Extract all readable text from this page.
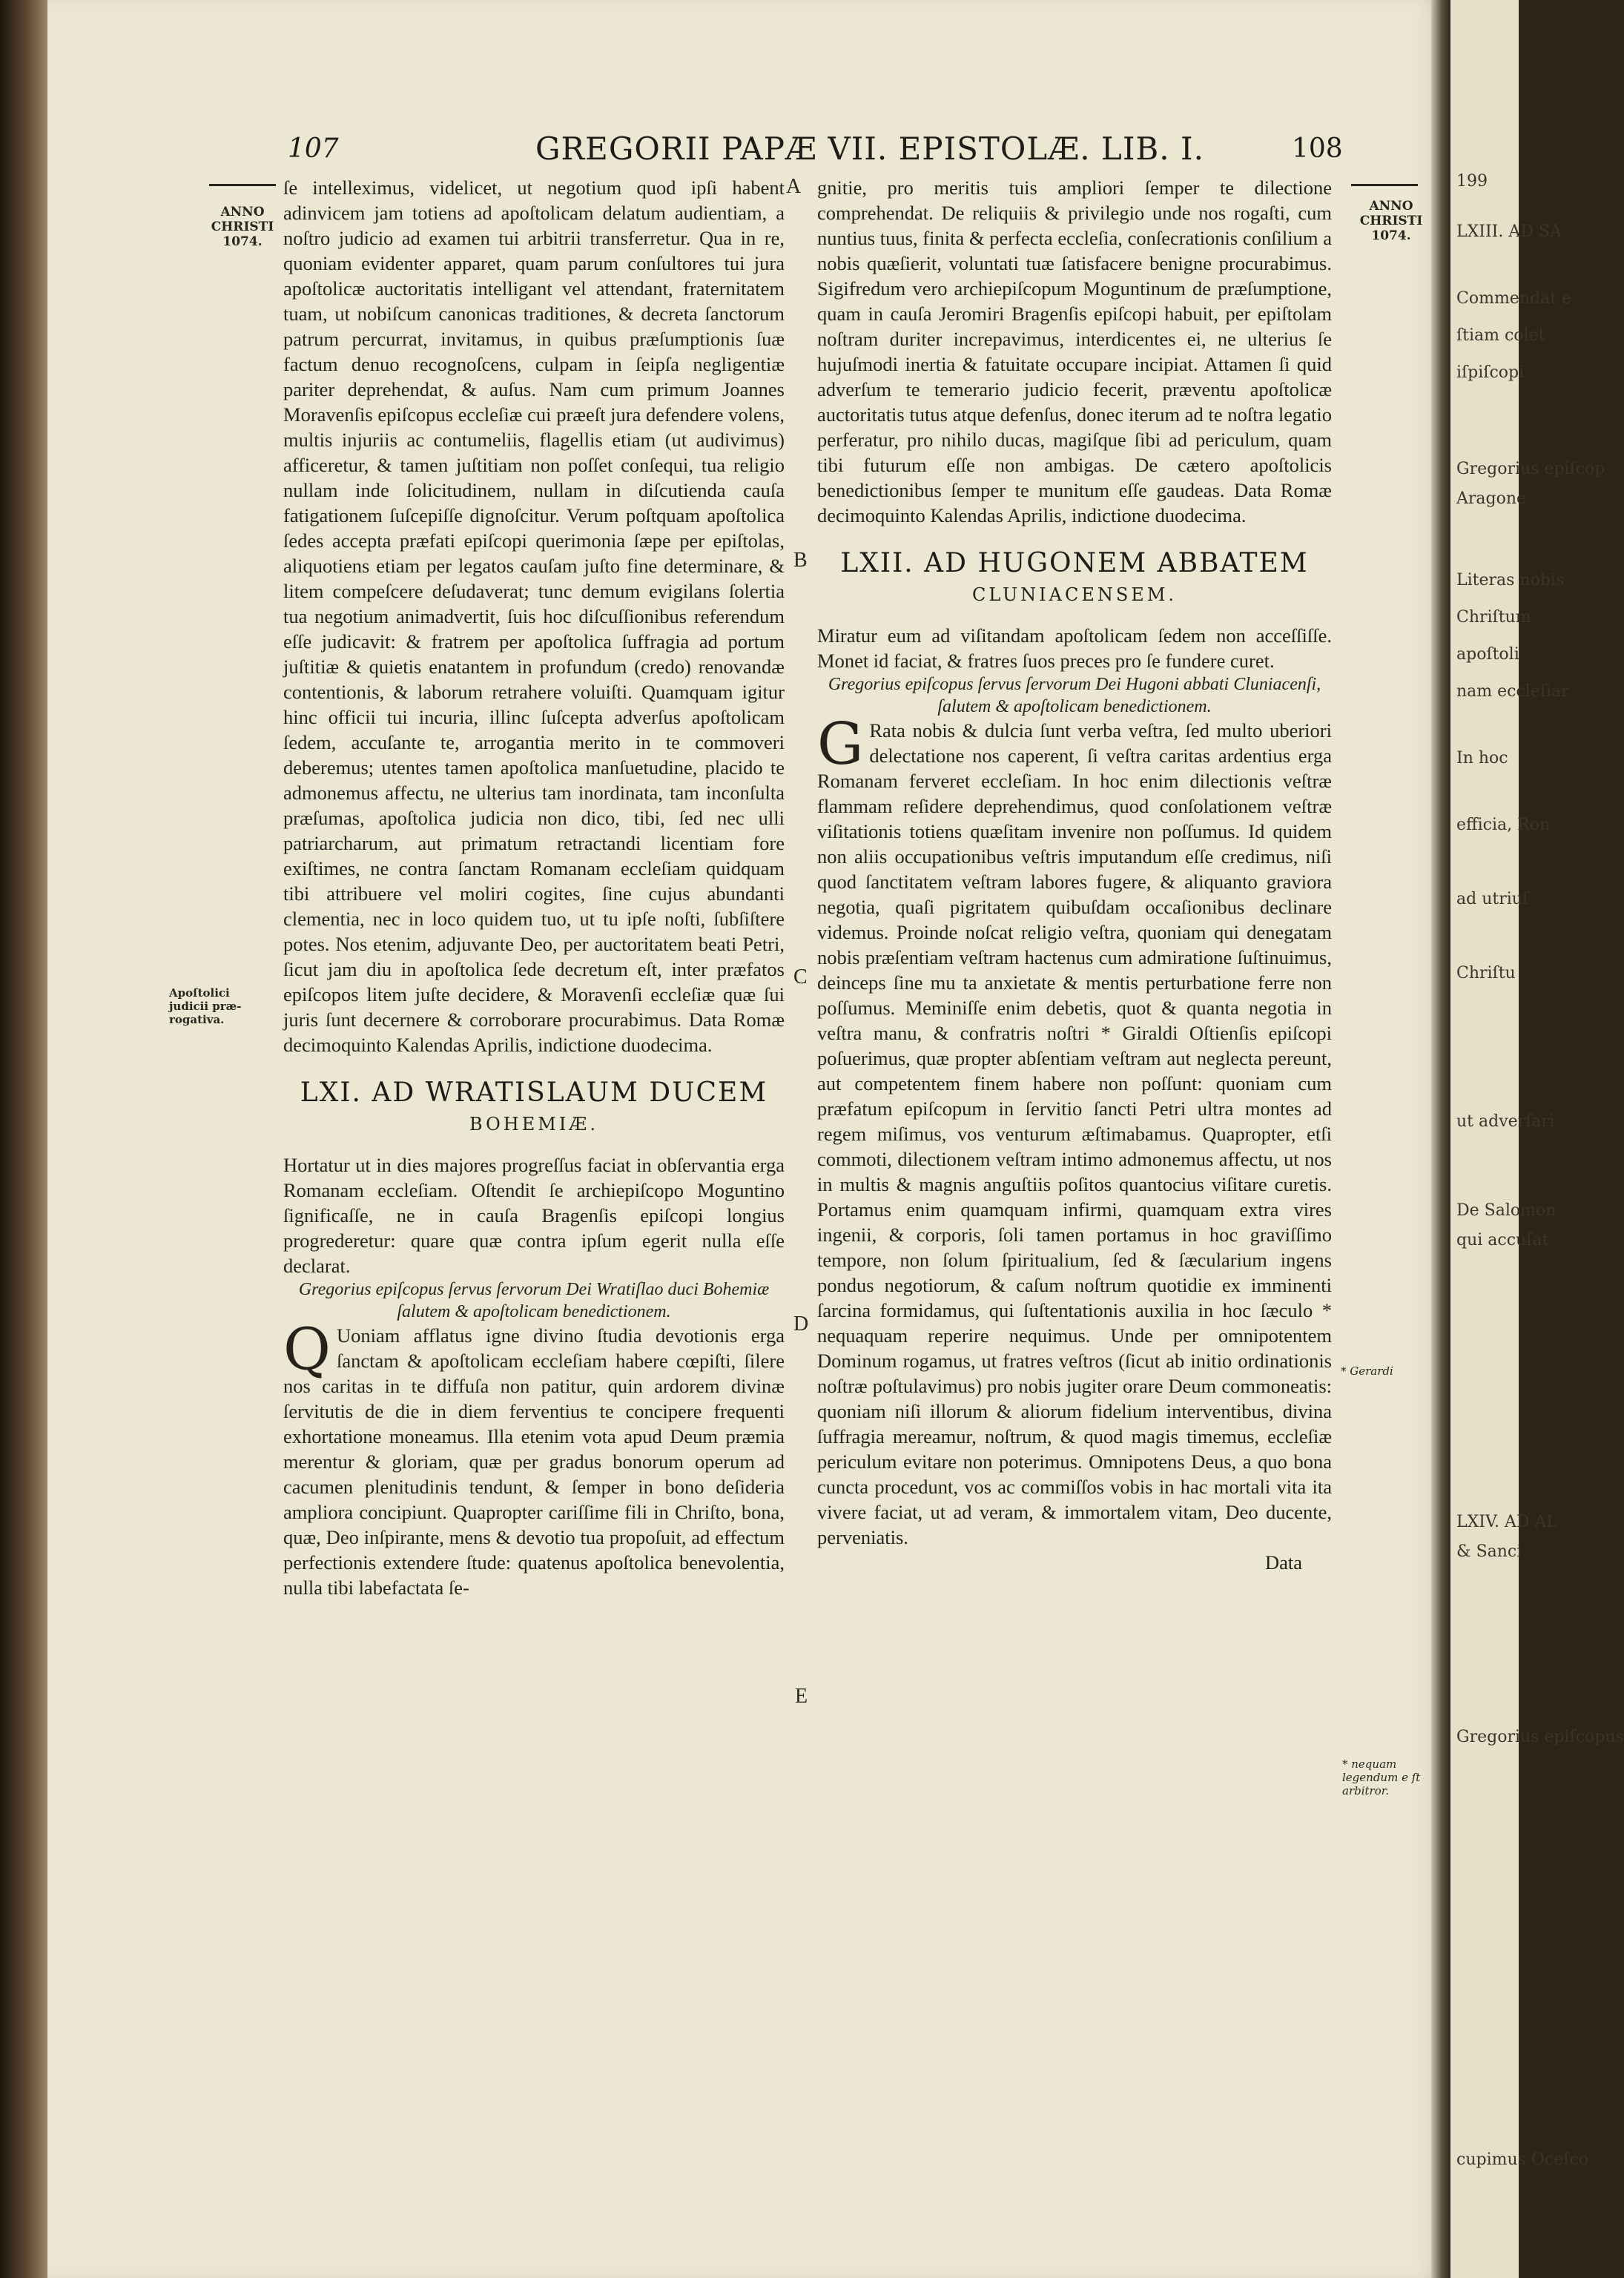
107	GREGORII PAPÆ VII. EPISTOLÆ. LIB. I.	108
ANNO
CHRISTI
1074.
Apoſtolici
judicii præ-
rogativa.
ANNO
CHRISTI
1074.
* Gerardi
* nequam
legendum e ſt
arbitror.
A
B
C
D
E

ſe intelleximus, videlicet, ut negotium quod ipſi habent adinvicem jam totiens ad apoſtolicam delatum audientiam, a noſtro judicio ad examen tui arbitrii transferretur. Qua in re, quoniam evidenter apparet, quam parum conſultores tui jura apoſtolicæ auctoritatis intelligant vel attendant, fraternitatem tuam, ut nobiſcum canonicas traditiones, & decreta ſanctorum patrum percurrat, invitamus, in quibus præſumptionis ſuæ factum denuo recognoſcens, culpam in ſeipſa negligentiæ pariter deprehendat, & auſus. Nam cum primum Joannes Moravenſis epiſcopus eccleſiæ cui præeſt jura defendere volens, multis injuriis ac contumeliis, flagellis etiam (ut audivimus) afficeretur, & tamen juſtitiam non poſſet conſequi, tua religio nullam inde ſolicitudinem, nullam in diſcutienda cauſa fatigationem ſuſcepiſſe dignoſcitur. Verum poſtquam apoſtolica ſedes accepta præfati epiſcopi querimonia ſæpe per epiſtolas, aliquotiens etiam per legatos cauſam juſto fine determinare, & litem compeſcere deſudaverat; tunc demum evigilans ſolertia tua negotium animadvertit, ſuis hoc diſcuſſionibus referendum eſſe judicavit: & fratrem per apoſtolica ſuffragia ad portum juſtitiæ & quietis enatantem in profundum (credo) renovandæ contentionis, & laborum retrahere voluiſti. Quamquam igitur hinc officii tui incuria, illinc ſuſcepta adverſus apoſtolicam ſedem, accuſante te, arrogantia merito in te commoveri deberemus; utentes tamen apoſtolica manſuetudine, placido te admonemus affectu, ne ulterius tam inordinata, tam inconſulta præſumas, apoſtolica judicia non dico, tibi, ſed nec ulli patriarcharum, aut primatum retractandi licentiam fore exiſtimes, ne contra ſanctam Romanam eccleſiam quidquam tibi attribuere vel moliri cogites, ſine cujus abundanti clementia, nec in loco quidem tuo, ut tu ipſe noſti, ſubſiſtere potes. Nos etenim, adjuvante Deo, per auctoritatem beati Petri, ſicut jam diu in apoſtolica ſede decretum eſt, inter præfatos epiſcopos litem juſte decidere, & Moravenſi eccleſiæ quæ ſui juris ſunt decernere & corroborare procurabimus. Data Romæ decimoquinto Kalendas Aprilis, indictione duodecima.

LXI. AD WRATISLAUM DUCEM
BOHEMIÆ.

Hortatur ut in dies majores progreſſus faciat in obſervantia erga Romanam eccleſiam. Oſtendit ſe archiepiſcopo Moguntino ſignificaſſe, ne in cauſa Bragenſis epiſcopi longius progrederetur: quare quæ contra ipſum egerit nulla eſſe declarat.

Gregorius epiſcopus ſervus ſervorum Dei Wratiſlao duci Bohemiæ ſalutem & apoſtolicam benedictionem.

Q Uoniam afflatus igne divino ſtudia devotionis erga ſanctam & apoſtolicam eccleſiam habere cœpiſti, ſilere nos caritas in te diffuſa non patitur, quin ardorem divinæ ſervitutis de die in diem ferventius te concipere frequenti exhortatione moneamus. Illa etenim vota apud Deum præmia merentur & gloriam, quæ per gradus bonorum operum ad cacumen plenitudinis tendunt, & ſemper in bono deſideria ampliora concipiunt. Quapropter cariſſime fili in Chriſto, bona, quæ, Deo inſpirante, mens & devotio tua propoſuit, ad effectum perfectionis extendere ſtude: quatenus apoſtolica benevolentia, nulla tibi labefactata ſe-

gnitie, pro meritis tuis ampliori ſemper te dilectione comprehendat. De reliquiis & privilegio unde nos rogaſti, cum nuntius tuus, finita & perfecta eccleſia, conſecrationis conſilium a nobis quæſierit, voluntati tuæ ſatisfacere benigne procurabimus. Sigifredum vero archiepiſcopum Moguntinum de præſumptione, quam in cauſa Jeromiri Bragenſis epiſcopi habuit, per epiſtolam noſtram duriter increpavimus, interdicentes ei, ne ulterius ſe hujuſmodi inertia & fatuitate occupare incipiat. Attamen ſi quid adverſum te temerario judicio fecerit, præventu apoſtolicæ auctoritatis tutus atque defenſus, donec iterum ad te noſtra legatio perferatur, pro nihilo ducas, magiſque ſibi ad periculum, quam tibi futurum eſſe non ambigas. De cætero apoſtolicis benedictionibus ſemper te munitum eſſe gaudeas. Data Romæ decimoquinto Kalendas Aprilis, indictione duodecima.

LXII. AD HUGONEM ABBATEM
CLUNIACENSEM.

Miratur eum ad viſitandam apoſtolicam ſedem non acceſſiſſe. Monet id faciat, & fratres ſuos preces pro ſe fundere curet.

Gregorius epiſcopus ſervus ſervorum Dei Hugoni abbati Cluniacenſi, ſalutem & apoſtolicam benedictionem.

G Rata nobis & dulcia ſunt verba veſtra, ſed multo uberiori delectatione nos caperent, ſi veſtra caritas ardentius erga Romanam ferveret eccleſiam. In hoc enim dilectionis veſtræ flammam reſidere deprehendimus, quod conſolationem veſtræ viſitationis totiens quæſitam invenire non poſſumus. Id quidem non aliis occupationibus veſtris imputandum eſſe credimus, niſi quod ſanctitatem veſtram labores fugere, & aliquanto graviora negotia, quaſi pigritatem quibuſdam occaſionibus declinare videmus. Proinde noſcat religio veſtra, quoniam qui denegatam nobis præſentiam veſtram hactenus cum admiratione ſuſtinuimus, deinceps ſine mu ta anxietate & mentis perturbatione ferre non poſſumus. Meminiſſe enim debetis, quot & quanta negotia in veſtra manu, & confratris noſtri * Giraldi Oſtienſis epiſcopi poſuerimus, quæ propter abſentiam veſtram aut neglecta pereunt, aut competentem finem habere non poſſunt: quoniam cum præfatum epiſcopum in ſervitio ſancti Petri ultra montes ad regem miſimus, vos venturum æſtimabamus. Quapropter, etſi commoti, dilectionem veſtram intimo admonemus affectu, ut nos in multis & magnis anguſtiis poſitos quantocius viſitare curetis. Portamus enim quamquam infirmi, quamquam extra vires ingenii, & corporis, ſoli tamen portamus in hoc graviſſimo tempore, non ſolum ſpiritualium, ſed & ſæcularium ingens pondus negotiorum, & caſum noſtrum quotidie ex imminenti ſarcina formidamus, qui ſuſtentationis auxilia in hoc ſæculo * nequaquam reperire nequimus. Unde per omnipotentem Dominum rogamus, ut fratres veſtros (ſicut ab initio ordinationis noſtræ poſtulavimus) pro nobis jugiter orare Deum commoneatis: quoniam niſi illorum & aliorum fidelium interventibus, divina ſuffragia mereamur, noſtrum, & quod magis timemus, eccleſiæ periculum evitare non poterimus. Omnipotens Deus, a quo bona cuncta procedunt, vos ac commiſſos vobis in hac mortali vita ita vivere faciat, ut ad veram, & immortalem vitam, Deo ducente, perveniatis.

Data

199
LXIII. AD SA
Commendat e
ſtiam colet
iſpiſcopi
Gregorius epiſcop
Aragone
Literas nobis
Chriſtum
apoſtoli
nam eccleſiar
In hoc
efficia, Ron
ad utriuſ
Chriſtu
ut adverſari
De Salomon
qui accuſat
LXIV. AD AL
& Sanci
Gregorius epiſcopus
cupimus Oceſco
